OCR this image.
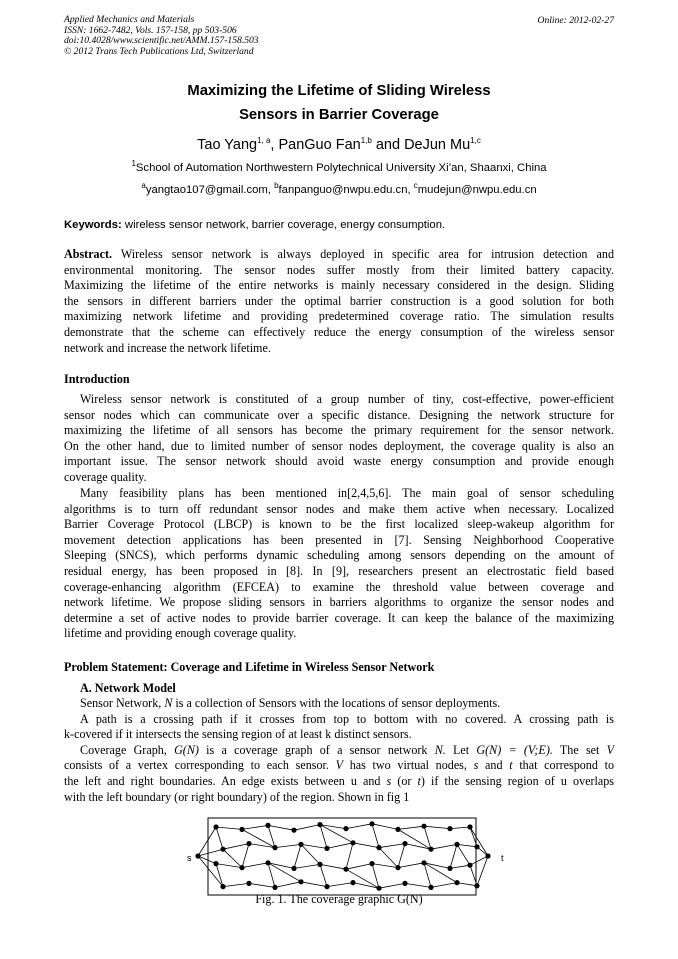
Applied Mechanics and Materials
ISSN: 1662-7482, Vols. 157-158, pp 503-506
doi:10.4028/www.scientific.net/AMM.157-158.503
© 2012 Trans Tech Publications Ltd, Switzerland
Online: 2012-02-27
Maximizing the Lifetime of Sliding Wireless
Sensors in Barrier Coverage
Tao Yang$^{1, a}$, PanGuo Fan$^{1,b}$ and DeJun Mu$^{1,c}$
$^1$School of Automation Northwestern Polytechnical University Xi’an, Shaanxi, China
$^a$yangtao107@gmail.com, $^b$fanpanguo@nwpu.edu.cn, $^c$mudejun@nwpu.edu.cn
Keywords: wireless sensor network, barrier coverage, energy consumption.
Abstract. Wireless sensor network is always deployed in specific area for intrusion detection and
environmental monitoring. The sensor nodes suffer mostly from their limited battery capacity.
Maximizing the lifetime of the entire networks is mainly necessary considered in the design. Sliding
the sensors in different barriers under the optimal barrier construction is a good solution for both
maximizing network lifetime and providing predetermined coverage ratio. The simulation results
demonstrate that the scheme can effectively reduce the energy consumption of the wireless sensor
network and increase the network lifetime.
Introduction
Wireless sensor network is constituted of a group number of tiny, cost-effective, power-efficient
sensor nodes which can communicate over a specific distance. Designing the network structure for
maximizing the lifetime of all sensors has become the primary requirement for the sensor network.
On the other hand, due to limited number of sensor nodes deployment, the coverage quality is also an
important issue. The sensor network should avoid waste energy consumption and provide enough
coverage quality.
Many feasibility plans has been mentioned in[2,4,5,6]. The main goal of sensor scheduling
algorithms is to turn off redundant sensor nodes and make them active when necessary. Localized
Barrier Coverage Protocol (LBCP) is known to be the first localized sleep-wakeup algorithm for
movement detection applications has been presented in [7]. Sensing Neighborhood Cooperative
Sleeping (SNCS), which performs dynamic scheduling among sensors depending on the amount of
residual energy, has been proposed in [8]. In [9], researchers present an electrostatic field based
coverage-enhancing algorithm (EFCEA) to examine the threshold value between coverage and
network lifetime. We propose sliding sensors in barriers algorithms to organize the sensor nodes and
determine a set of active nodes to provide barrier coverage. It can keep the balance of the maximizing
lifetime and providing enough coverage quality.
Problem Statement: Coverage and Lifetime in Wireless Sensor Network
A. Network Model
Sensor Network, N is a collection of Sensors with the locations of sensor deployments.
A path is a crossing path if it crosses from top to bottom with no covered. A crossing path is
k-covered if it intersects the sensing region of at least k distinct sensors.
Coverage Graph, G(N) is a coverage graph of a sensor network N. Let G(N) = (V;E). The set V
consists of a vertex corresponding to each sensor. V has two virtual nodes, s and t that correspond to
the left and right boundaries. An edge exists between u and s (or t) if the sensing region of u overlaps
with the left boundary (or right boundary) of the region. Shown in fig 1
s	t
Fig. 1. The coverage graphic G(N)
